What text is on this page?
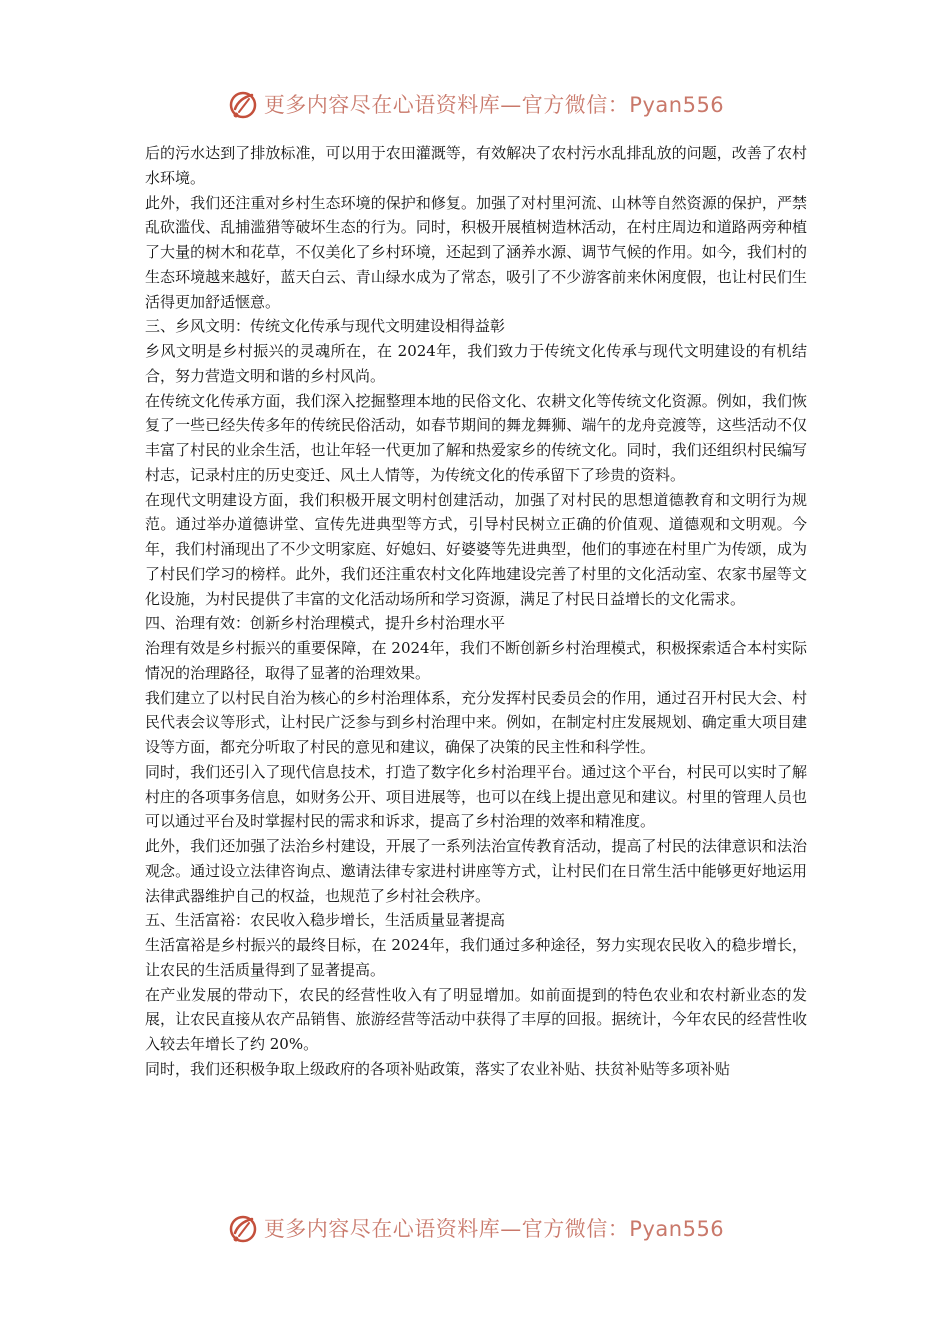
更多内容尽在心语资料库—官方微信：Pyan556

后的污水达到了排放标准，可以用于农田灌溉等，有效解决了农村污水乱排乱放的问题，改善了农村水环境。

此外，我们还注重对乡村生态环境的保护和修复。加强了对村里河流、山林等自然资源的保护，严禁乱砍滥伐、乱捕滥猎等破坏生态的行为。同时，积极开展植树造林活动，在村庄周边和道路两旁种植了大量的树木和花草，不仅美化了乡村环境，还起到了涵养水源、调节气候的作用。如今，我们村的生态环境越来越好，蓝天白云、青山绿水成为了常态，吸引了不少游客前来休闲度假，也让村民们生活得更加舒适惬意。

三、乡风文明：传统文化传承与现代文明建设相得益彰

乡风文明是乡村振兴的灵魂所在，在 2024年，我们致力于传统文化传承与现代文明建设的有机结合，努力营造文明和谐的乡村风尚。

在传统文化传承方面，我们深入挖掘整理本地的民俗文化、农耕文化等传统文化资源。例如，我们恢复了一些已经失传多年的传统民俗活动，如春节期间的舞龙舞狮、端午的龙舟竞渡等，这些活动不仅丰富了村民的业余生活，也让年轻一代更加了解和热爱家乡的传统文化。同时，我们还组织村民编写村志，记录村庄的历史变迁、风土人情等，为传统文化的传承留下了珍贵的资料。

在现代文明建设方面，我们积极开展文明村创建活动，加强了对村民的思想道德教育和文明行为规范。通过举办道德讲堂、宣传先进典型等方式，引导村民树立正确的价值观、道德观和文明观。今年，我们村涌现出了不少文明家庭、好媳妇、好婆婆等先进典型，他们的事迹在村里广为传颂，成为了村民们学习的榜样。此外，我们还注重农村文化阵地建设完善了村里的文化活动室、农家书屋等文化设施，为村民提供了丰富的文化活动场所和学习资源，满足了村民日益增长的文化需求。

四、治理有效：创新乡村治理模式，提升乡村治理水平

治理有效是乡村振兴的重要保障，在 2024年，我们不断创新乡村治理模式，积极探索适合本村实际情况的治理路径，取得了显著的治理效果。

我们建立了以村民自治为核心的乡村治理体系，充分发挥村民委员会的作用，通过召开村民大会、村民代表会议等形式，让村民广泛参与到乡村治理中来。例如，在制定村庄发展规划、确定重大项目建设等方面，都充分听取了村民的意见和建议，确保了决策的民主性和科学性。

同时，我们还引入了现代信息技术，打造了数字化乡村治理平台。通过这个平台，村民可以实时了解村庄的各项事务信息，如财务公开、项目进展等，也可以在线上提出意见和建议。村里的管理人员也可以通过平台及时掌握村民的需求和诉求，提高了乡村治理的效率和精准度。

此外，我们还加强了法治乡村建设，开展了一系列法治宣传教育活动，提高了村民的法律意识和法治观念。通过设立法律咨询点、邀请法律专家进村讲座等方式，让村民们在日常生活中能够更好地运用法律武器维护自己的权益，也规范了乡村社会秩序。

五、生活富裕：农民收入稳步增长，生活质量显著提高

生活富裕是乡村振兴的最终目标，在 2024年，我们通过多种途径，努力实现农民收入的稳步增长，让农民的生活质量得到了显著提高。

在产业发展的带动下，农民的经营性收入有了明显增加。如前面提到的特色农业和农村新业态的发展，让农民直接从农产品销售、旅游经营等活动中获得了丰厚的回报。据统计，今年农民的经营性收入较去年增长了约 20%。

同时，我们还积极争取上级政府的各项补贴政策，落实了农业补贴、扶贫补贴等多项补贴

更多内容尽在心语资料库—官方微信：Pyan556
